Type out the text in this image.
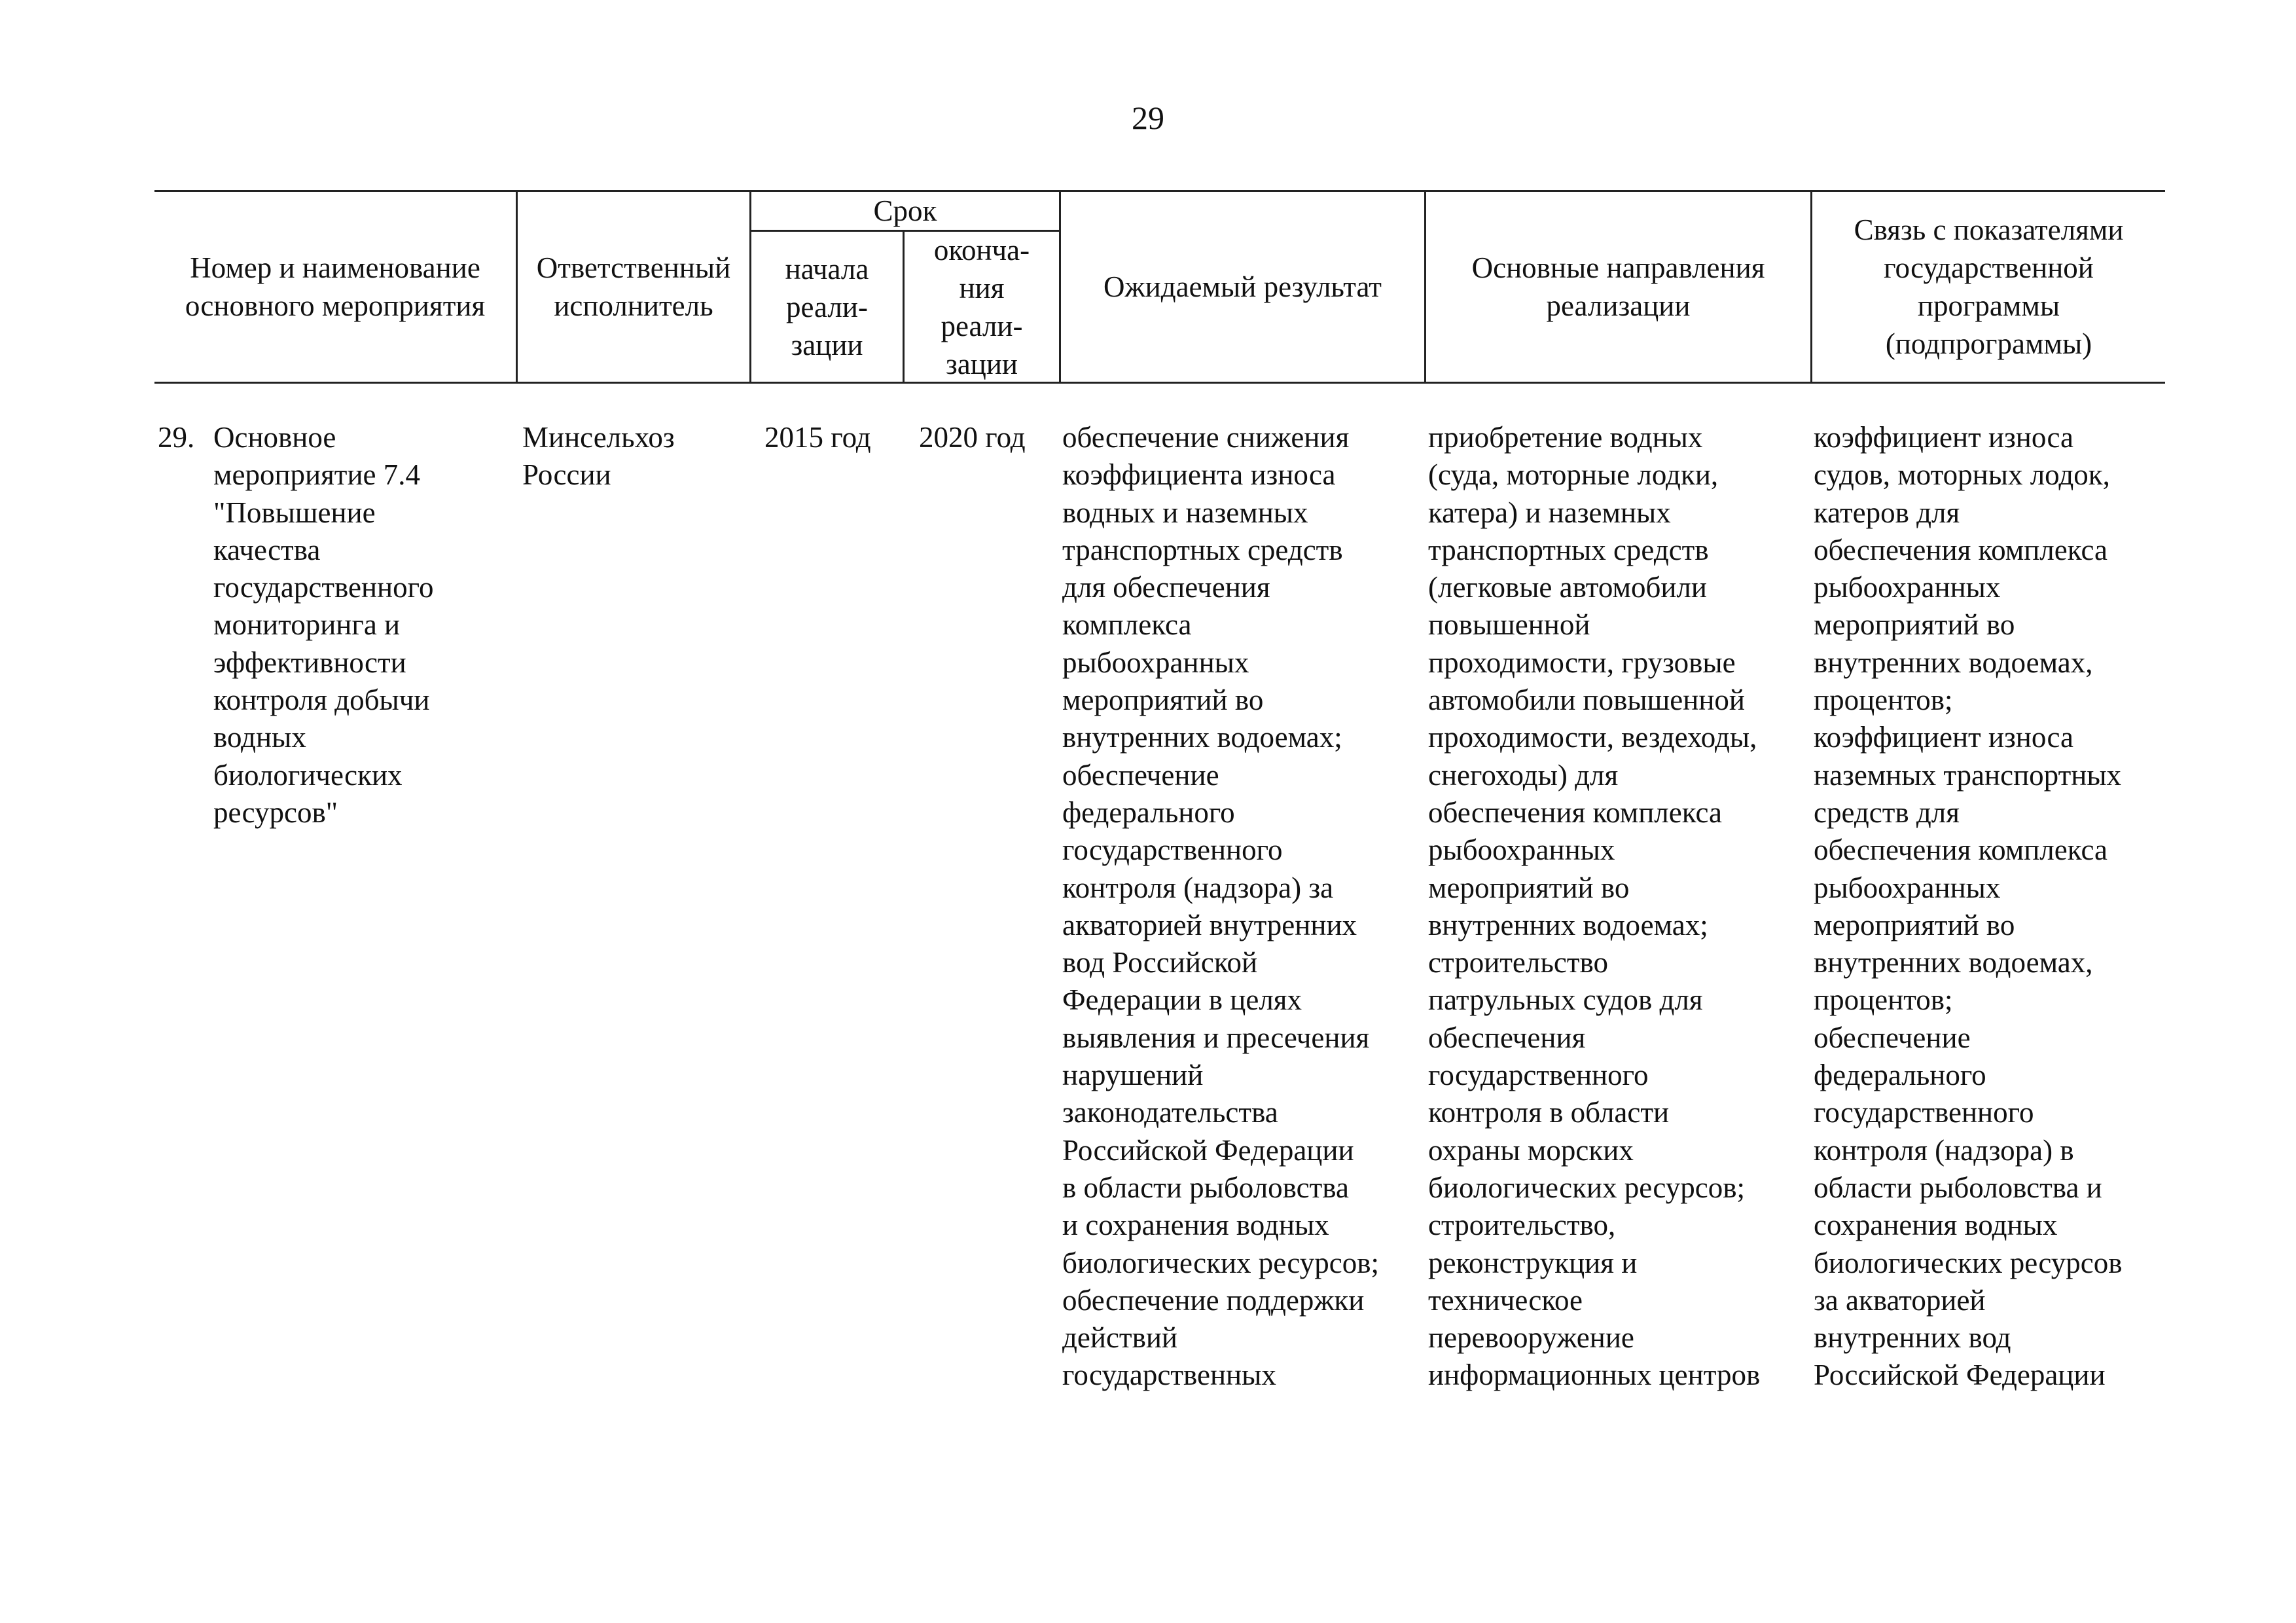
29
Номер и наименование
основного мероприятия
Ответственный
исполнитель
Срок
начала
реали-
зации
оконча-
ния
реали-
зации
Ожидаемый результат
Основные направления
реализации
Связь с показателями
государственной
программы
(подпрограммы)
29. Основное
мероприятие 7.4
"Повышение
качества
государственного
мониторинга и
эффективности
контроля добычи
водных
биологических
ресурсов"
Минсельхоз
России
2015 год	2020 год	обеспечение снижения
коэффициента износа
водных и наземных
транспортных средств
для обеспечения
комплекса
рыбоохранных
мероприятий во
внутренних водоемах;
обеспечение
федерального
государственного
контроля (надзора) за
акваторией внутренних
вод Российской
Федерации в целях
выявления и пресечения
нарушений
законодательства
Российской Федерации
в области рыболовства
и сохранения водных
биологических ресурсов;
обеспечение поддержки
действий
государственных
приобретение водных
(суда, моторные лодки,
катера) и наземных
транспортных средств
(легковые автомобили
повышенной
проходимости, грузовые
автомобили повышенной
проходимости, вездеходы,
снегоходы) для
обеспечения комплекса
рыбоохранных
мероприятий во
внутренних водоемах;
строительство
патрульных судов для
обеспечения
государственного
контроля в области
охраны морских
биологических ресурсов;
строительство,
реконструкция и
техническое
перевооружение
информационных центров
коэффициент износа
судов, моторных лодок,
катеров для
обеспечения комплекса
рыбоохранных
мероприятий во
внутренних водоемах,
процентов;
коэффициент износа
наземных транспортных
средств для
обеспечения комплекса
рыбоохранных
мероприятий во
внутренних водоемах,
процентов;
обеспечение
федерального
государственного
контроля (надзора) в
области рыболовства и
сохранения водных
биологических ресурсов
за акваторией
внутренних вод
Российской Федерации
